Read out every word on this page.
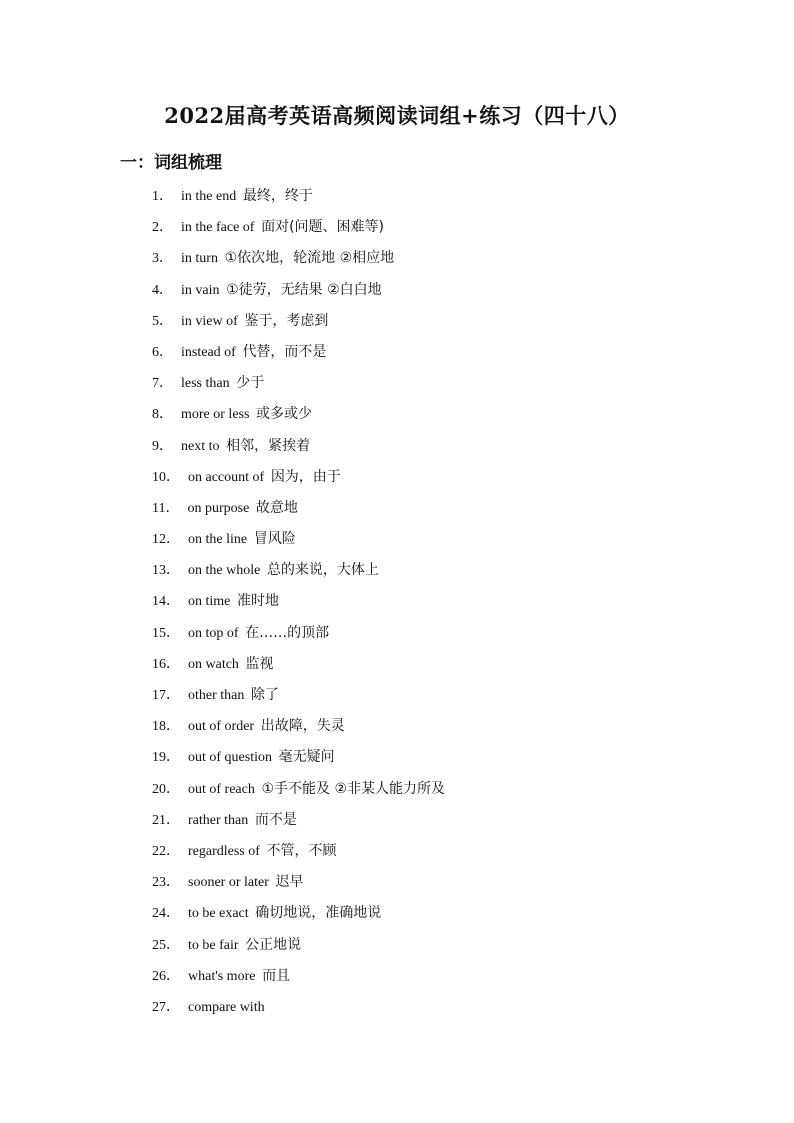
2022届高考英语高频阅读词组+练习（四十八）
一：词组梳理
1． in the end 最终，终于
2． in the face of 面对(问题、困难等)
3． in turn ①依次地，轮流地 ②相应地
4． in vain ①徒劳，无结果 ②白白地
5． in view of 鉴于，考虑到
6． instead of 代替，而不是
7． less than 少于
8． more or less 或多或少
9． next to 相邻，紧挨着
10． on account of 因为，由于
11． on purpose 故意地
12． on the line 冒风险
13． on the whole 总的来说，大体上
14． on time 准时地
15． on top of 在……的顶部
16． on watch 监视
17． other than 除了
18． out of order 出故障，失灵
19． out of question 毫无疑问
20． out of reach ①手不能及 ②非某人能力所及
21． rather than 而不是
22． regardless of 不管，不顾
23． sooner or later 迟早
24． to be exact 确切地说，准确地说
25． to be fair 公正地说
26． what's more 而且
27． compare with
